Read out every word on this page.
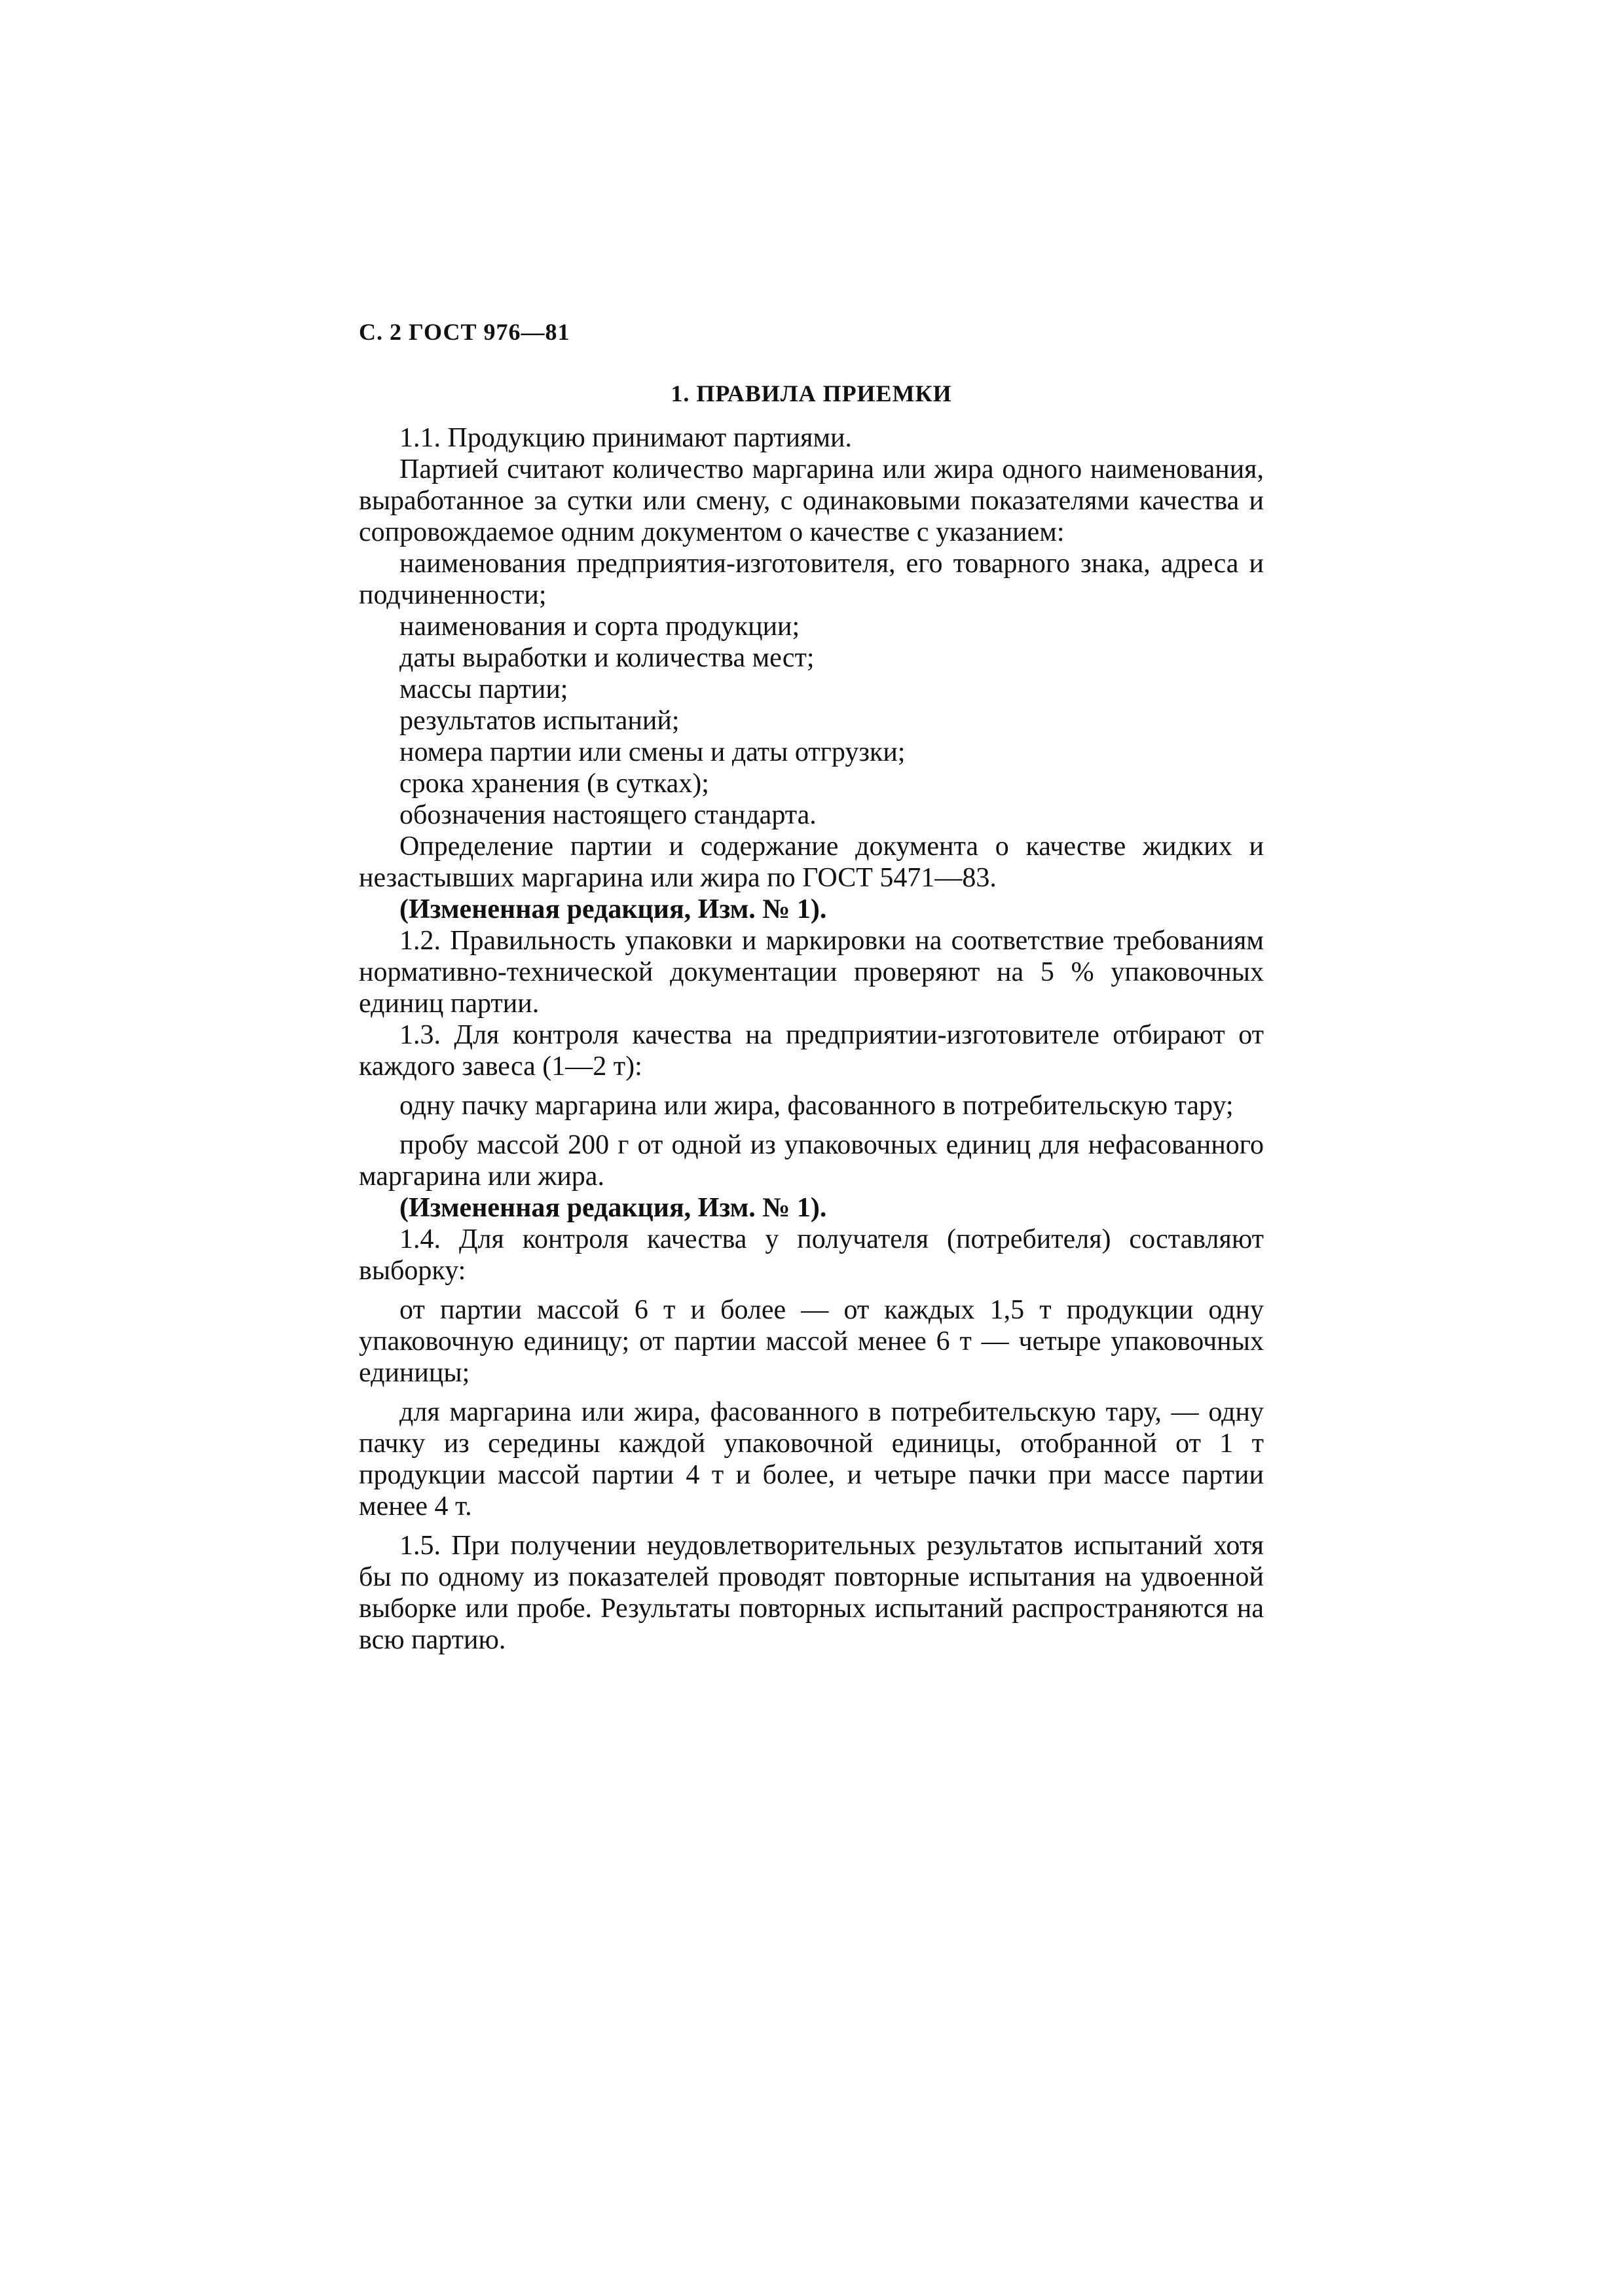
С. 2 ГОСТ 976—81
1. ПРАВИЛА ПРИЕМКИ

1.1. Продукцию принимают партиями.

Партией считают количество маргарина или жира одного наименования, выработанное за сутки или смену, с одинаковыми показателями качества и сопровождаемое одним документом о качестве с указанием:

наименования предприятия-изготовителя, его товарного знака, адреса и подчиненности;

наименования и сорта продукции;

даты выработки и количества мест;

массы партии;

результатов испытаний;

номера партии или смены и даты отгрузки;

срока хранения (в сутках);

обозначения настоящего стандарта.

Определение партии и содержание документа о качестве жидких и незастывших маргарина или жира по ГОСТ 5471—83.

(Измененная редакция, Изм. № 1).

1.2. Правильность упаковки и маркировки на соответствие требованиям нормативно-технической документации проверяют на 5 % упаковочных единиц партии.

1.3. Для контроля качества на предприятии-изготовителе отбирают от каждого завеса (1—2 т):

одну пачку маргарина или жира, фасованного в потребительскую тару;

пробу массой 200 г от одной из упаковочных единиц для нефасованного маргарина или жира.

(Измененная редакция, Изм. № 1).

1.4. Для контроля качества у получателя (потребителя) составляют выборку:

от партии массой 6 т и более — от каждых 1,5 т продукции одну упаковочную единицу; от партии массой менее 6 т — четыре упаковочных единицы;

для маргарина или жира, фасованного в потребительскую тару, — одну пачку из середины каждой упаковочной единицы, отобранной от 1 т продукции массой партии 4 т и более, и четыре пачки при массе партии менее 4 т.

1.5. При получении неудовлетворительных результатов испытаний хотя бы по одному из показателей проводят повторные испытания на удвоенной выборке или пробе. Результаты повторных испытаний распространяются на всю партию.
